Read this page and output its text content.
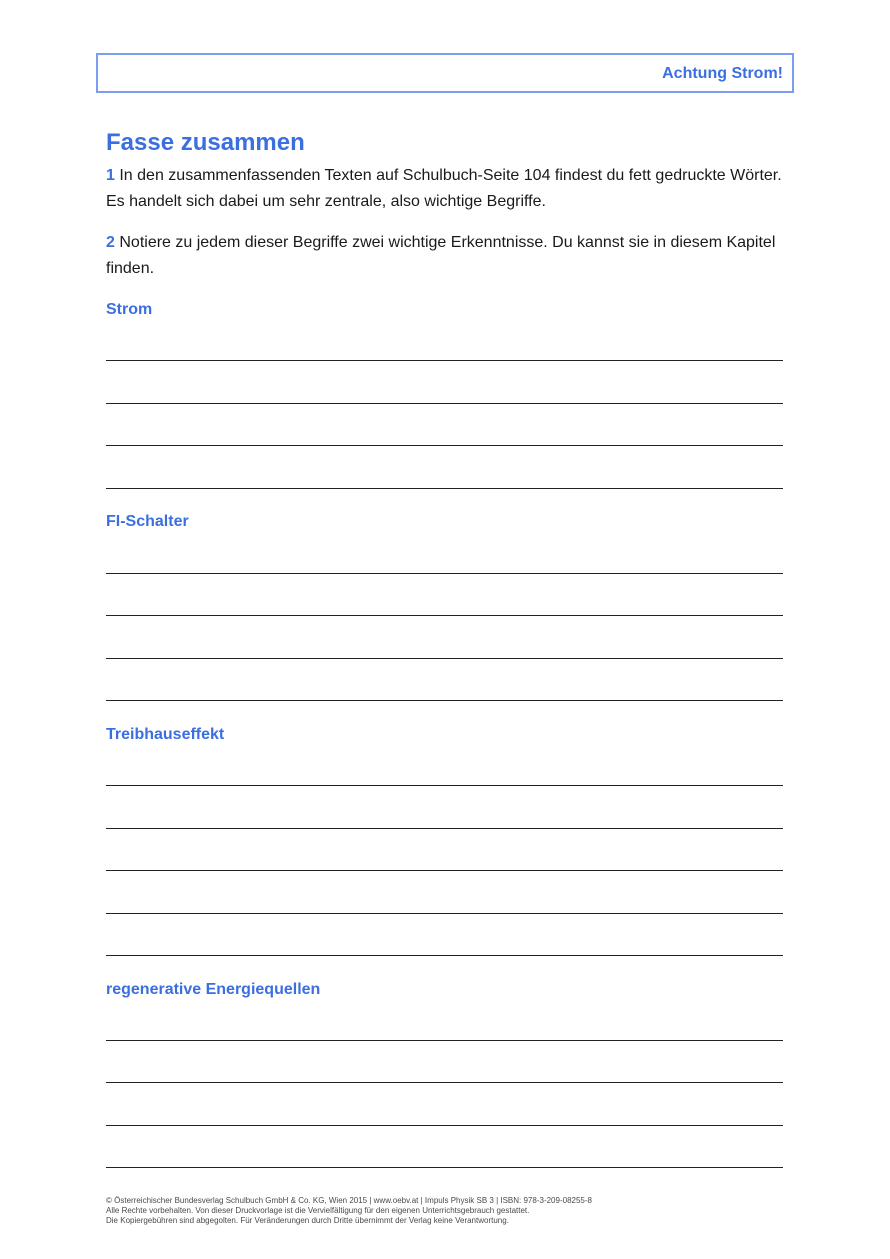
Achtung Strom!
Fasse zusammen

1 In den zusammenfassenden Texten auf Schulbuch-Seite 104 findest du fett gedruckte Wörter. Es handelt sich dabei um sehr zentrale, also wichtige Begriffe.

2 Notiere zu jedem dieser Begriffe zwei wichtige Erkenntnisse. Du kannst sie in diesem Kapitel finden.

Strom
FI-Schalter
Treibhauseffekt
regenerative Energiequellen
© Österreichischer Bundesverlag Schulbuch GmbH & Co. KG, Wien 2015 | www.oebv.at | Impuls Physik SB 3 | ISBN: 978-3-209-08255-8
Alle Rechte vorbehalten. Von dieser Druckvorlage ist die Vervielfältigung für den eigenen Unterrichtsgebrauch gestattet.
Die Kopiergebühren sind abgegolten. Für Veränderungen durch Dritte übernimmt der Verlag keine Verantwortung.
